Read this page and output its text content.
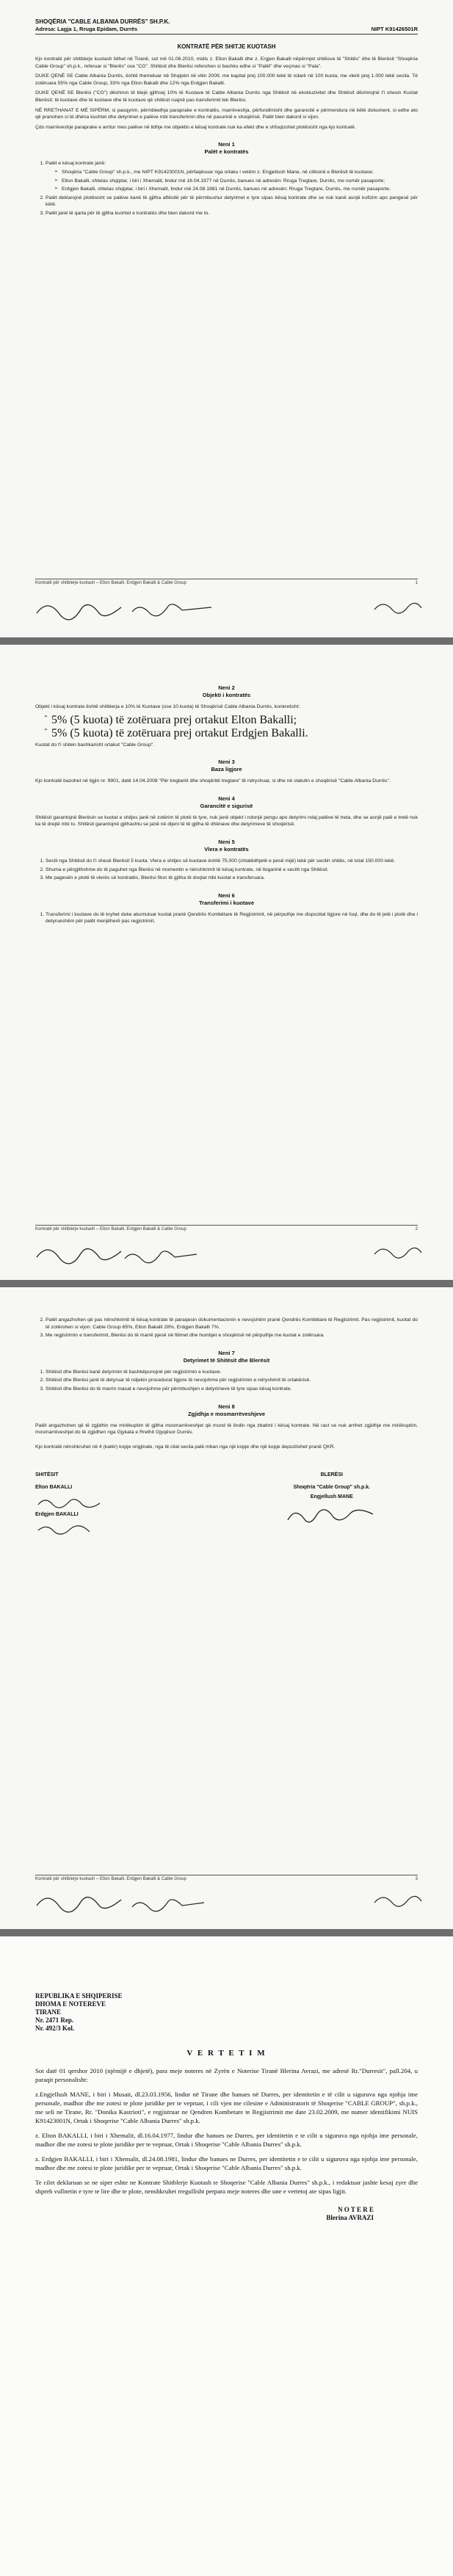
SHOQËRIA "CABLE ALBANIA DURRËS" SH.P.K.
Adresa: Lagja 1, Rruga Epidam, Durrës	NIPT K91426501R
KONTRATË PËR SHITJE KUOTASH

Kjo kontratë për shitblerje kuotash lidhet në Tiranë, sot më 01.06.2010, midis z. Elton Bakalli dhe z. Ergjen Bakalli nëpërmjet shitësve të "Shitës" dhe të Blerësit "Shoqëria Cable Group" sh.p.k., referuar si "Blerës" ose "CG". Shitësit dhe Blerësi referohen si bashku edhe si "Palët" dhe veçmas si "Pala".

DUKE QENË SE Cable Albania Durrës, është themeluar në Shqipëri në vitin 2009, me kapital prej 100.000 lekë të ndarë në 100 kuota, me vlerë prej 1.000 lekë secila. Të zotëruara 55% nga Cable Group, 33% nga Elton Bakalli dhe 12% nga Erdgjen Bakalli.

DUKE QENË SE Blerësi ("CG") dëshiron të blejë gjithsej 10% të Kuotave të Cable Albania Durrës nga Shitësit në ekskluzivitet dhe Shitësit dëshirojnë t'i shesin Kuotat Blerësit; të kuotave dhe të kuotave dhe të kuotave që shitësit ruajnë pas transferimit tek Blerësi.

NË RRETHANAT E MË SIPËRM, si pasqyrim, përmbledhja paraprake e kontratës, marrëveshja, përfundimisht dhe garancitë e përmendura në këtë dokument, si edhe ato që pranohen si të dhëna kushtet dhe detyrimet e palëve mbi transferimin dhe në pasurinë e shoqërisë, Palët bien dakord si vijon.

Çdo marrëveshje paraprake e arritur mes palëve në lidhje me objektin e kësaj kontrate nuk ka efekt dhe e shfuqizohet plotësisht nga kjo kontratë.

Neni 1
Palët e kontratës
1. Palët e kësaj kontrate janë:
➢ Shoqëria "Cable Group" sh.p.k., me NIPT K91423001N, përfaqësuar nga ortaku i vetëm z. Engjellush Mane, në cilësinë e Blerësit të kuotave;
➢ Elton Bakalli, shtetas shqiptar, i biri i Xhemalit, lindur më 16.04.1977 në Durrës, banues në adresën: Rruga Tregtare, Durrës, me numër pasaporte;
➢ Erdgjen Bakalli, shtetas shqiptar, i biri i Xhemalit, lindur më 24.08.1981 në Durrës, banues në adresën: Rruga Tregtare, Durrës, me numër pasaporte.
2. Palët deklarojnë plotësisht se palëve kanë të gjitha aftësitë për të përmbushur detyrimet e tyre sipas kësaj kontrate dhe se nuk kanë asnjë kufizim apo pengesë për këtë.
3. Palët janë të qarta për të gjitha kushtet e kontratës dhe bien dakord me to.
Kontratë për shitblerje kuotash – Elton Bakalli, Erdgjen Bakalli & Cable Group	1
Neni 2
Objekti i kontratës

Objekt i kësaj kontrate është shitblerja e 10% të Kuotave (ose 10 kuota) të Shoqërisë Cable Albania Durrës, konkretisht:

➢ 5% (5 kuota) të zotëruara prej ortakut Elton Bakalli;
➢ 5% (5 kuota) të zotëruara prej ortakut Erdgjen Bakalli.

Kuotat do t'i shiten bashkarisht ortakut "Cable Group".

Neni 3
Baza ligjore

Kjo kontratë bazohet në ligjin nr. 9901, datë 14.04.2008 "Për tregtarët dhe shoqëritë tregtare" të ndryshuar, si dhe në statutin e shoqërisë "Cable Albania Durrës".

Neni 4
Garancitë e sigurisë

Shitësit garantojnë Blerësin se kuotat e shitjes janë në zotërim të plotë të tyre, nuk janë objekt i ndonjë pengu apo detyrimi ndaj palëve të treta, dhe se asnjë palë e tretë nuk ka të drejtë mbi to. Shitësit garantojnë gjithashtu se janë në dijeni të të gjitha të dhënave dhe detyrimeve të shoqërisë.

Neni 5
Vlera e kontratës
1. Secili nga Shitësit do t'i shesë Blerësit 5 kuota. Vlera e shitjes së kuotave është 75.000 (shtatëdhjetë e pesë mijë) lekë për secilin shitës, në total 150.000 lekë.
2. Shuma e përgjithshme do të paguhet nga Blerësi në momentin e nënshkrimit të kësaj kontrate, në llogarinë e secilit nga Shitësit.
3. Me pagesën e plotë të vlerës së kontratës, Blerësi fiton të gjitha të drejtat mbi kuotat e transferuara.
Neni 6
Transferimi i kuotave
1. Transferimi i kuotave do të kryhet duke akumuluar kuotat pranë Qendrës Kombëtare të Regjistrimit, në përputhje me dispozitat ligjore në fuqi, dhe do të jetë i plotë dhe i detyrueshëm për palët menjëherë pas regjistrimit.
Kontratë për shitblerje kuotash – Elton Bakalli, Erdgjen Bakalli & Cable Group	2
2. Palët angazhohen që pas nënshkrimit të kësaj kontrate të paraqesin dokumentacionin e nevojshëm pranë Qendrës Kombëtare të Regjistrimit. Pas regjistrimit, kuotat do të zotërohen si vijon: Cable Group 65%, Elton Bakalli 28%, Erdgjen Bakalli 7%.
3. Me regjistrimin e transferimit, Blerësi do të marrë pjesë në fitimet dhe humbjet e shoqërisë në përputhje me kuotat e zotëruara.
Neni 7
Detyrimet të Shitësit dhe Blerësit
1. Shitësit dhe Blerësi kanë detyrimin të bashkëpunojnë për regjistrimin e kuotave.
2. Shitësit dhe Blerësi janë të detyruar të ndjekin procedurat ligjore të nevojshme për regjistrimin e ndryshimit të ortakërisë.
3. Shitësit dhe Blerësi do të marrin masat e nevojshme për përmbushjen e detyrimeve të tyre sipas kësaj kontrate.
Neni 8
Zgjidhja e mosmarrëveshjeve

Palët angazhohen që të zgjidhin me mirëkuptim të gjitha mosmarrëveshjet që mund të lindin nga zbatimi i kësaj kontrate. Në rast se nuk arrihet zgjidhje me mirëkuptim, mosmarrëveshjet do të zgjidhen nga Gjykata e Rrethit Gjyqësor Durrës.

Kjo kontratë nënshkruhet në 4 (katër) kopje origjinale, nga të cilat secila palë mban nga një kopje dhe një kopje depozitohet pranë QKR.

SHITËSIT
Elton BAKALLI
Erdgjen BAKALLI
BLERËSI
Shoqëria "Cable Group" sh.p.k.
Engjellush MANE
Kontratë për shitblerje kuotash – Elton Bakalli, Erdgjen Bakalli & Cable Group	3
REPUBLIKA E SHQIPERISE
DHOMA E NOTEREVE
TIRANE
Nr. 2471 Rep.
Nr. 492/3 Kol.
V E R T E T I M

Sot datë 01 qershor 2010 (njëmijë e dhjetë), para meje noteres në Zyrën e Noterise Tiranë Blerina Avrazi, me adresë Rr."Durresit", pall.204, u paraqit personalisht:

z.Engjellush MANE, i biri i Musait, dl.23.03.1956, lindur në Tirane dhe banues në Durres, per identitetin e të cilit u siguruva nga njohja ime personale, madhor dhe me zotesi te plote juridike per te vepruar, i cili vjen me cilesine e Administratorit të Shoqerise "CABLE GROUP", sh.p.k., me seli ne Tirane, Rr. "Donika Kastrioti", e regjistruar ne Qendren Kombetare te Regjistrimit me date 23.02.2009, me numer identifikimi NUIS K91423001N, Ortak i Shoqerise "Cable Albania Durres" sh.p.k.

z. Elton BAKALLI, i biri i Xhemalit, dl.16.04.1977, lindur dhe banues ne Durres, per identitetin e te cilit u siguruva nga njohja ime personale, madhor dhe me zotesi te plote juridike per te vepruar, Ortak i Shoqerise "Cable Albania Durres" sh.p.k.

z. Erdgjen BAKALLI, i biri i Xhemalit, dl.24.08.1981, lindur dhe banues ne Durres, per identitetin e te cilit u siguruva nga njohja ime personale, madhor dhe me zotesi te plote juridike per te vepruar, Ortak i Shoqerise "Cable Albania Durres" sh.p.k.

Te cilet deklaruan se ne siper eshte ne Kontrate Shitblerje Kuotash te Shoqerise "Cable Albania Durres" sh.p.k., i redaktuar jashte kesaj zyre dhe shpreh vullnetin e tyre te lire dhe te plote, nenshkruhet rregullisht perpara meje noteres dhe une e vertetoj ate sipas ligjit.

N O T E R E
Blerina AVRAZI
